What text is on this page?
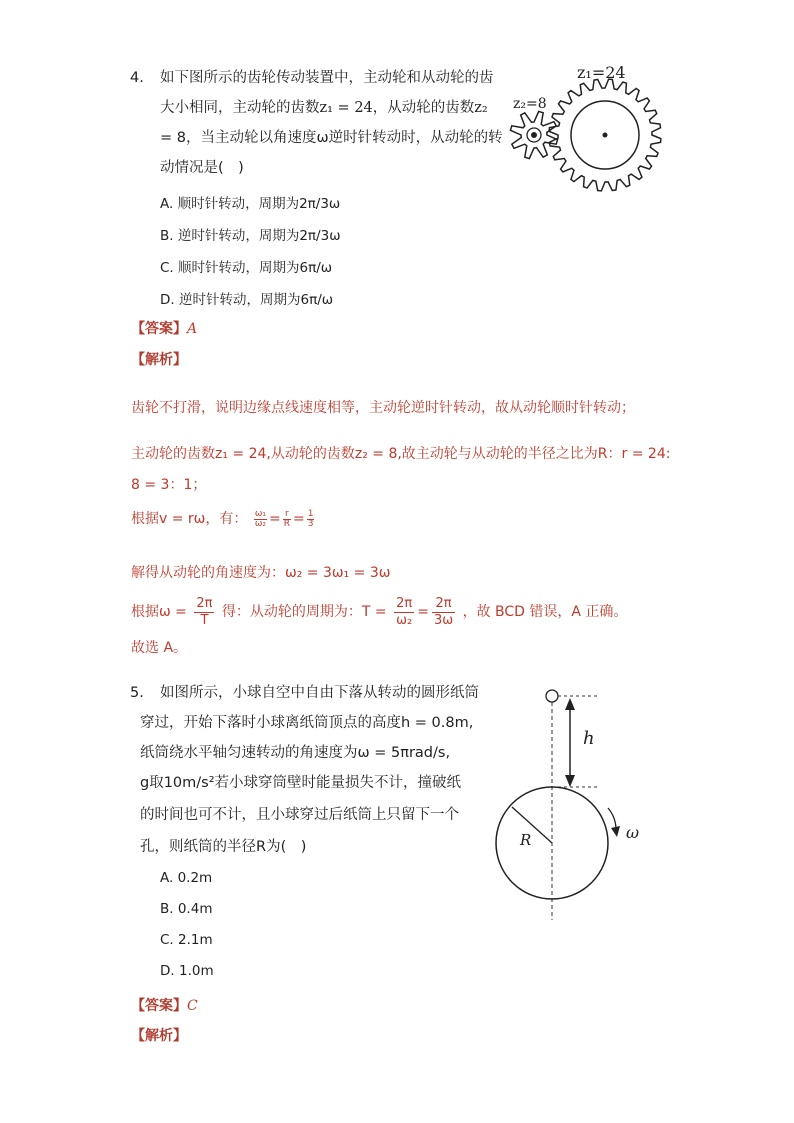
4. 如下图所示的齿轮传动装置中，主动轮和从动轮的齿
大小相同，主动轮的齿数z₁ = 24，从动轮的齿数z₂
= 8，当主动轮以角速度ω逆时针转动时，从动轮的转
动情况是(　)
A. 顺时针转动，周期为2π/3ω
B. 逆时针转动，周期为2π/3ω
C. 顺时针转动，周期为6π/ω
D. 逆时针转动，周期为6π/ω
【答案】A
【解析】
齿轮不打滑，说明边缘点线速度相等，主动轮逆时针转动，故从动轮顺时针转动；
主动轮的齿数z₁ = 24,从动轮的齿数z₂ = 8,故主动轮与从动轮的半径之比为R：r = 24:
8 = 3：1；
根据v = rω，有： $\frac{\text{ω₁}}{\text{ω₂}} = \frac{r}{R} = \frac{1}{3}$
解得从动轮的角速度为：ω₂ = 3ω₁ = 3ω
根据$\omega = \frac{2\pi}{T}$ 得：从动轮的周期为：$T = \frac{2\pi}{\text{ω₂}} = \frac{2\pi}{3\omega}$ ，故 BCD 错误，A 正确。
故选 A。
z₁=24
z₂=8
5. 如图所示，小球自空中自由下落从转动的圆形纸筒
穿过，开始下落时小球离纸筒顶点的高度h = 0.8m,
纸筒绕水平轴匀速转动的角速度为ω = 5πrad/s,
g取10m/s²若小球穿筒壁时能量损失不计，撞破纸
的时间也可不计，且小球穿过后纸筒上只留下一个
孔，则纸筒的半径R为(　)
A. 0.2m
B. 0.4m
C. 2.1m
D. 1.0m
【答案】C
【解析】
h
R	ω
